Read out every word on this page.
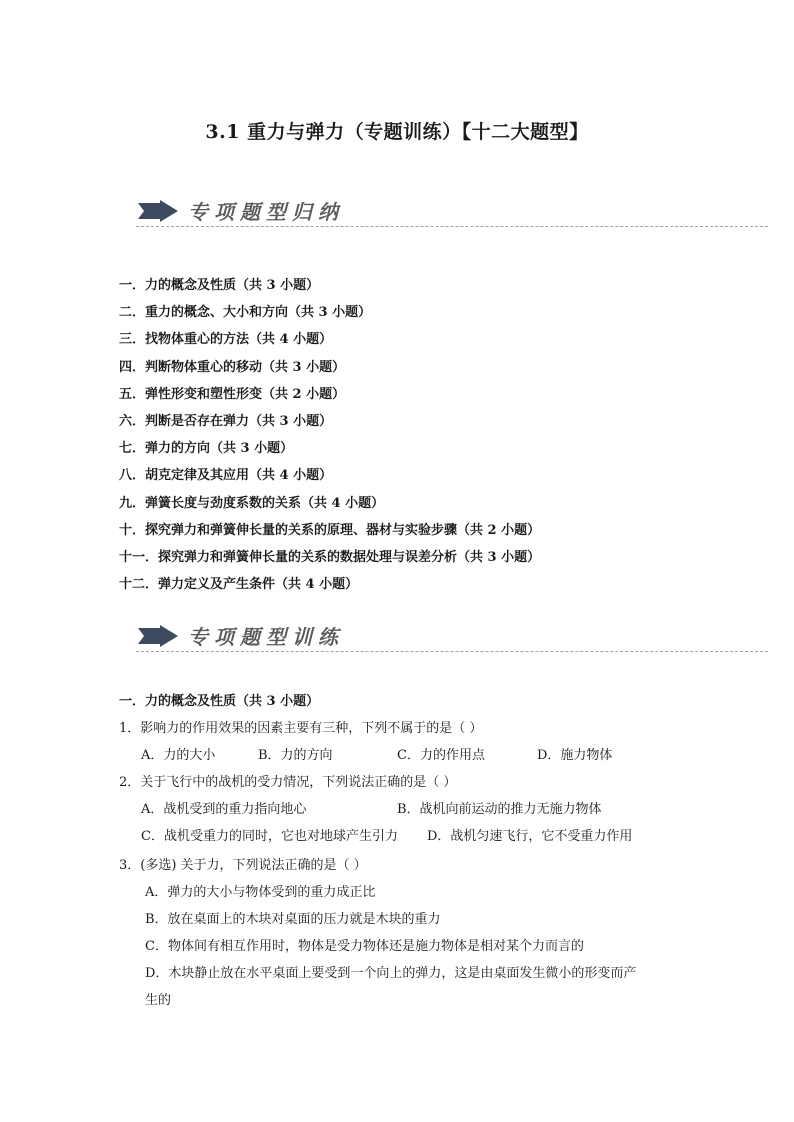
3.1 重力与弹力（专题训练）【十二大题型】
专项题型归纳
一．力的概念及性质（共 3 小题）
二．重力的概念、大小和方向（共 3 小题）
三．找物体重心的方法（共 4 小题）
四．判断物体重心的移动（共 3 小题）
五．弹性形变和塑性形变（共 2 小题）
六．判断是否存在弹力（共 3 小题）
七．弹力的方向（共 3 小题）
八．胡克定律及其应用（共 4 小题）
九．弹簧长度与劲度系数的关系（共 4 小题）
十．探究弹力和弹簧伸长量的关系的原理、器材与实验步骤（共 2 小题）
十一．探究弹力和弹簧伸长量的关系的数据处理与误差分析（共 3 小题）
十二．弹力定义及产生条件（共 4 小题）
专项题型训练
一．力的概念及性质（共 3 小题）
1．影响力的作用效果的因素主要有三种，下列不属于的是（ ）
A．力的大小	B．力的方向	C．力的作用点	D．施力物体
2．关于飞行中的战机的受力情况，下列说法正确的是（ ）
A．战机受到的重力指向地心	B．战机向前运动的推力无施力物体
C．战机受重力的同时，它也对地球产生引力 D．战机匀速飞行，它不受重力作用
3．(多选) 关于力，下列说法正确的是（ ）
A．弹力的大小与物体受到的重力成正比
B．放在桌面上的木块对桌面的压力就是木块的重力
C．物体间有相互作用时，物体是受力物体还是施力物体是相对某个力而言的
D．木块静止放在水平桌面上要受到一个向上的弹力，这是由桌面发生微小的形变而产
生的
